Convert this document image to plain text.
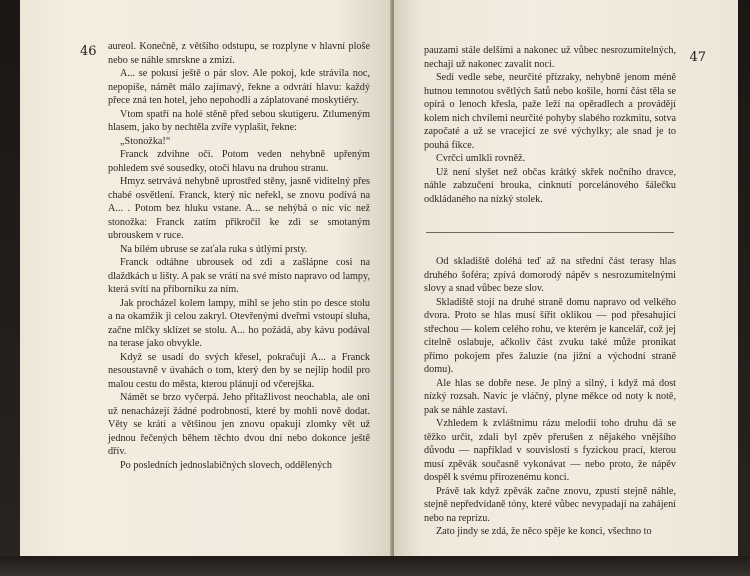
46 aureol. Konečně, z většího odstupu, se rozplyne v hlavní ploše nebo se náhle smrskne a zmizí.

A... se pokusí ještě o pár slov. Ale pokoj, kde strávila noc, nepopíše, námět málo zajímavý, řekne a odvrátí hlavu: každý přece zná ten hotel, jeho nepohodlí a záplatované moskytiéry.

Vtom spatří na holé stěně před sebou skutigeru. Ztlumeným hlasem, jako by nechtěla zvíře vyplašit, řekne:

„Stonožka!“

Franck zdvihne oči. Potom veden nehybně upřeným pohledem své sousedky, otočí hlavu na druhou stranu.

Hmyz setrvává nehybně uprostřed stěny, jasně viditelný přes chabé osvětlení. Franck, který nic neřekl, se znovu podívá na A... . Potom bez hluku vstane. A... se nehýbá o nic víc než stonožka: Franck zatím přikročil ke zdi se smotaným ubrouskem v ruce.

Na bílém ubruse se zaťala ruka s útlými prsty.

Franck odtáhne ubrousek od zdi a zašlápne cosi na dlaždkách u lišty. A pak se vrátí na své místo napravo od lampy, která svítí na příborníku za ním.

Jak procházel kolem lampy, mihl se jeho stín po desce stolu a na okamžik ji celou zakryl. Otevřenými dveřmi vstoupí sluha, začne mlčky sklízet se stolu. A... ho požádá, aby kávu podával na terase jako obvykle.

Když se usadí do svých křesel, pokračují A... a Franck nesoustavně v úvahách o tom, který den by se nejlíp hodil pro malou cestu do města, kterou plánují od včerejška.

Námět se brzo vyčerpá. Jeho přitažlivost neochabla, ale oni už nenacházejí žádné podrobnosti, které by mohli nově dodat. Věty se krátí a většinou jen znovu opakují zlomky vět už jednou řečených během těchto dvou dní nebo dokonce ještě dřív.

Po posledních jednoslabičných slovech, oddělených

47

pauzami stále delšími a nakonec už vůbec nesrozumitelných, nechají už nakonec zavalit noci.

Sedí vedle sebe, neurčité přízraky, nehybně jenom méně hutnou temnotou světlých šatů nebo košile, horní část těla se opírá o lenoch křesla, paže leží na opěradlech a provádějí kolem nich chvílemi neurčité pohyby slabého rozkmitu, sotva započaté a už se vracející ze své výchylky; ale snad je to pouhá fikce.

Cvrčci umlkli rovněž.

Už není slyšet než občas krátký skřek nočního dravce, náhle zabzučení brouka, cinknutí porcelánového šálečku odkládaného na nízký stolek.

Od skladiště doléhá teď až na střední část terasy hlas druhého šoféra; zpívá domorodý nápěv s nesrozumitelnými slovy a snad vůbec beze slov.

Skladiště stojí na druhé straně domu napravo od velkého dvora. Proto se hlas musí šířit oklikou — pod přesahující střechou — kolem celého rohu, ve kterém je kancelář, což jej citelně oslabuje, ačkoliv část zvuku také může pronikat přímo pokojem přes žaluzie (na jižní a východní straně domu).

Ale hlas se dobře nese. Je plný a silný, i když má dost nízký rozsah. Navíc je vláčný, plyne měkce od noty k notě, pak se náhle zastaví.

Vzhledem k zvláštnímu rázu melodií toho druhu dá se těžko určit, zdali byl zpěv přerušen z nějakého vnějšího důvodu — například v souvislosti s fyzickou prací, kterou musí zpěvák současně vykonávat — nebo proto, že nápěv dospěl k svému přirozenému konci.

Právě tak když zpěvák začne znovu, zpustí stejně náhle, stejně nepředvídaně tóny, které vůbec nevypadají na zahájení nebo na reprízu.

Zato jindy se zdá, že něco spěje ke konci, všechno to
